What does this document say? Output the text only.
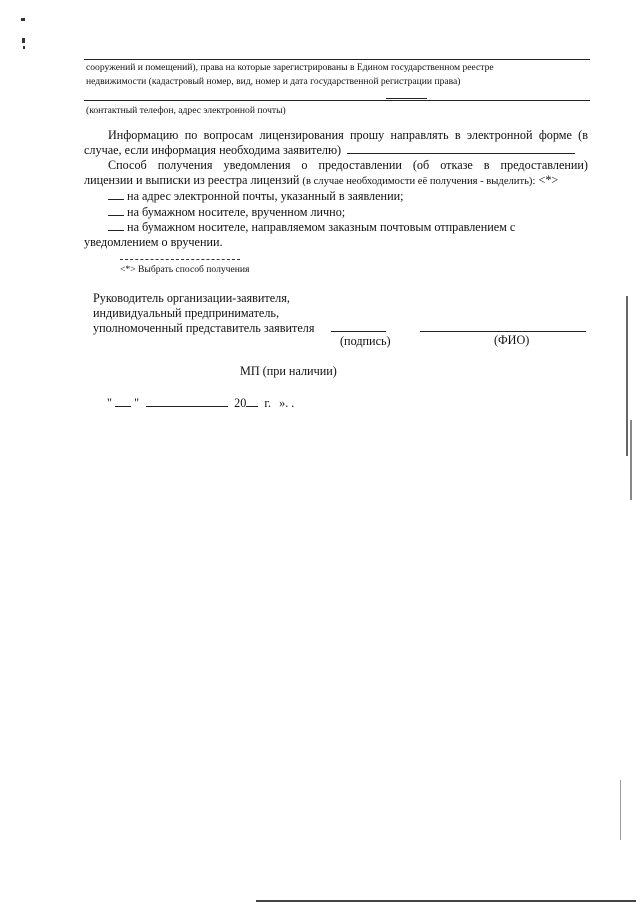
сооружений и помещений), права на которые зарегистрированы в Едином государственном реестре
недвижимости (кадастровый номер, вид, номер и дата государственной регистрации права)
(контактный телефон, адрес электронной почты)
Информацию по вопросам лицензирования прошу направлять в электронной форме (в
случае, если информация необходима заявителю)
Способ получения уведомления о предоставлении (об отказе в предоставлении)
лицензии и выписки из реестра лицензий (в случае необходимости её получения - выделить): <*>
на адрес электронной почты, указанный в заявлении;
на бумажном носителе, врученном лично;
на бумажном носителе, направляемом заказным почтовым отправлением с
уведомлением о вручении.
<*> Выбрать способ получения
Руководитель организации-заявителя,
индивидуальный предприниматель,
уполномоченный представитель заявителя
(подпись)	(ФИО)
МП (при наличии)
" "	20 г. ». .
